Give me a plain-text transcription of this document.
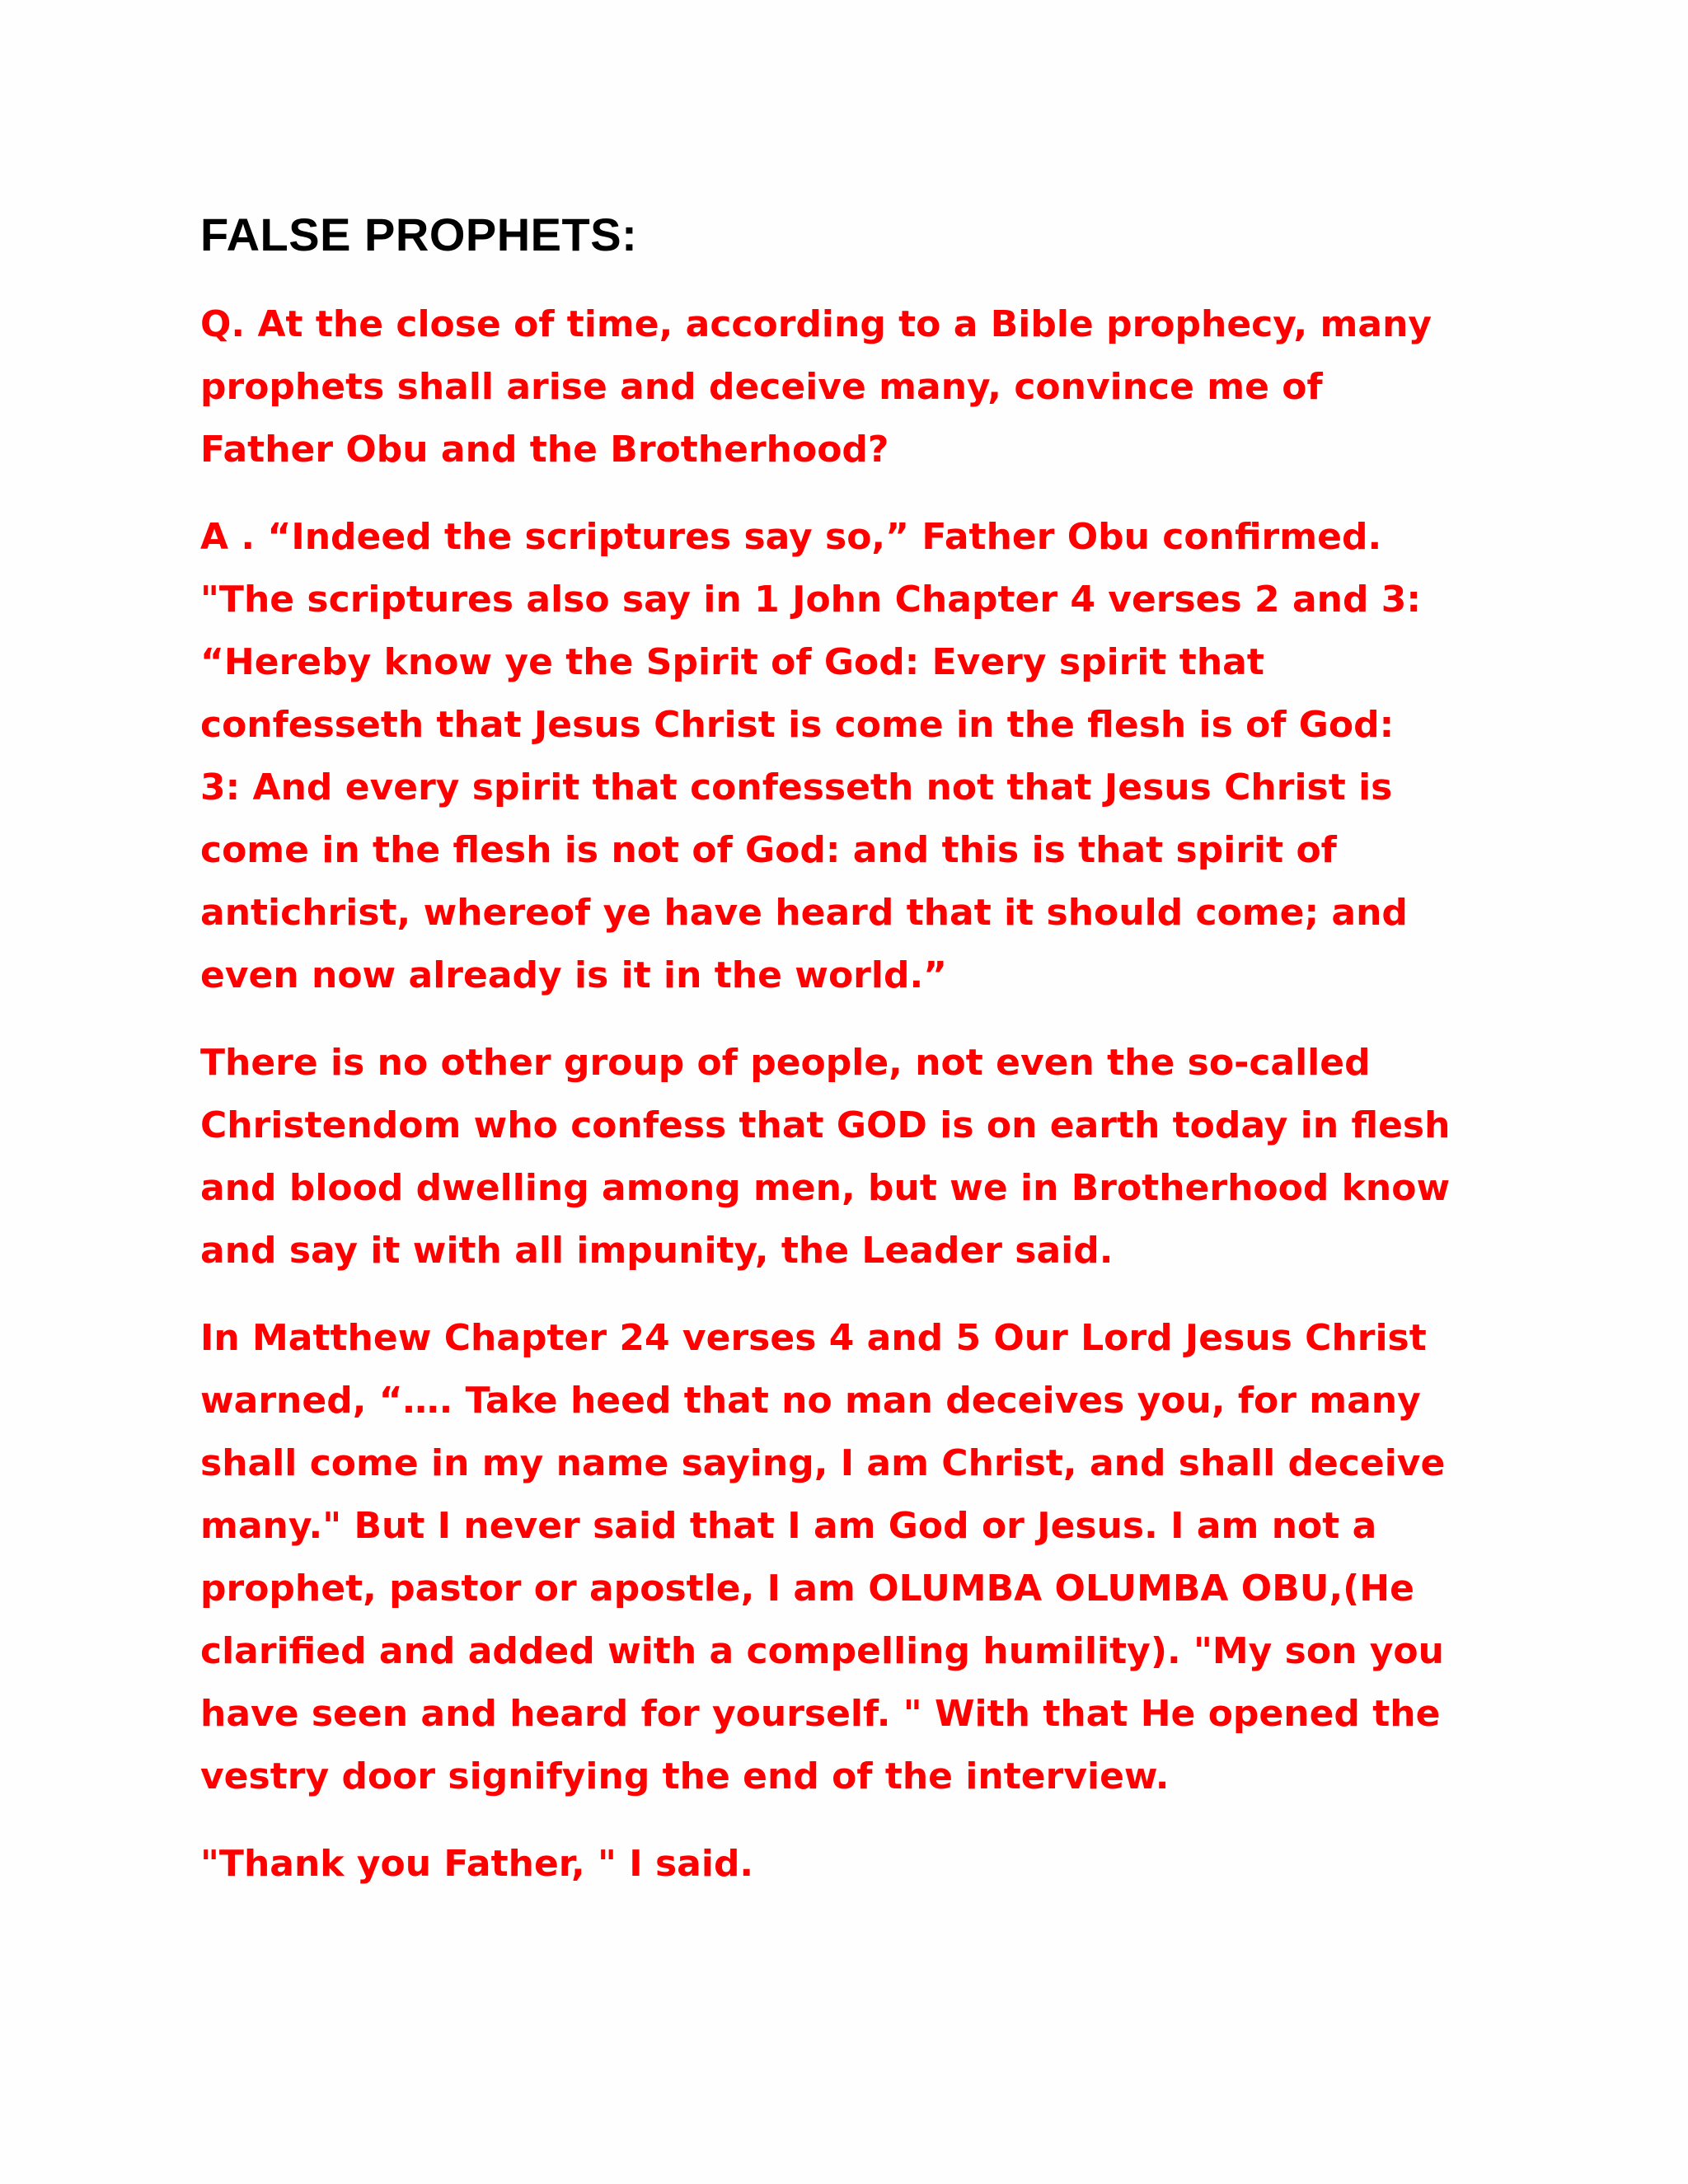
FALSE PROPHETS:

Q. At the close of time, according to a Bible prophecy, many
prophets shall arise and deceive many, convince me of
Father Obu and the Brotherhood?

A . “Indeed the scriptures say so,” Father Obu confirmed.
"The scriptures also say in 1 John Chapter 4 verses 2 and 3:
“Hereby know ye the Spirit of God: Every spirit that
confesseth that Jesus Christ is come in the flesh is of God:
3: And every spirit that confesseth not that Jesus Christ is
come in the flesh is not of God: and this is that spirit of
antichrist, whereof ye have heard that it should come; and
even now already is it in the world.”

There is no other group of people, not even the so-called
Christendom who confess that GOD is on earth today in flesh
and blood dwelling among men, but we in Brotherhood know
and say it with all impunity, the Leader said.

In Matthew Chapter 24 verses 4 and 5 Our Lord Jesus Christ
warned, “…. Take heed that no man deceives you, for many
shall come in my name saying, I am Christ, and shall deceive
many." But I never said that I am God or Jesus. I am not a
prophet, pastor or apostle, I am OLUMBA OLUMBA OBU,(He
clarified and added with a compelling humility). "My son you
have seen and heard for yourself. " With that He opened the
vestry door signifying the end of the interview.

"Thank you Father, " I said.
